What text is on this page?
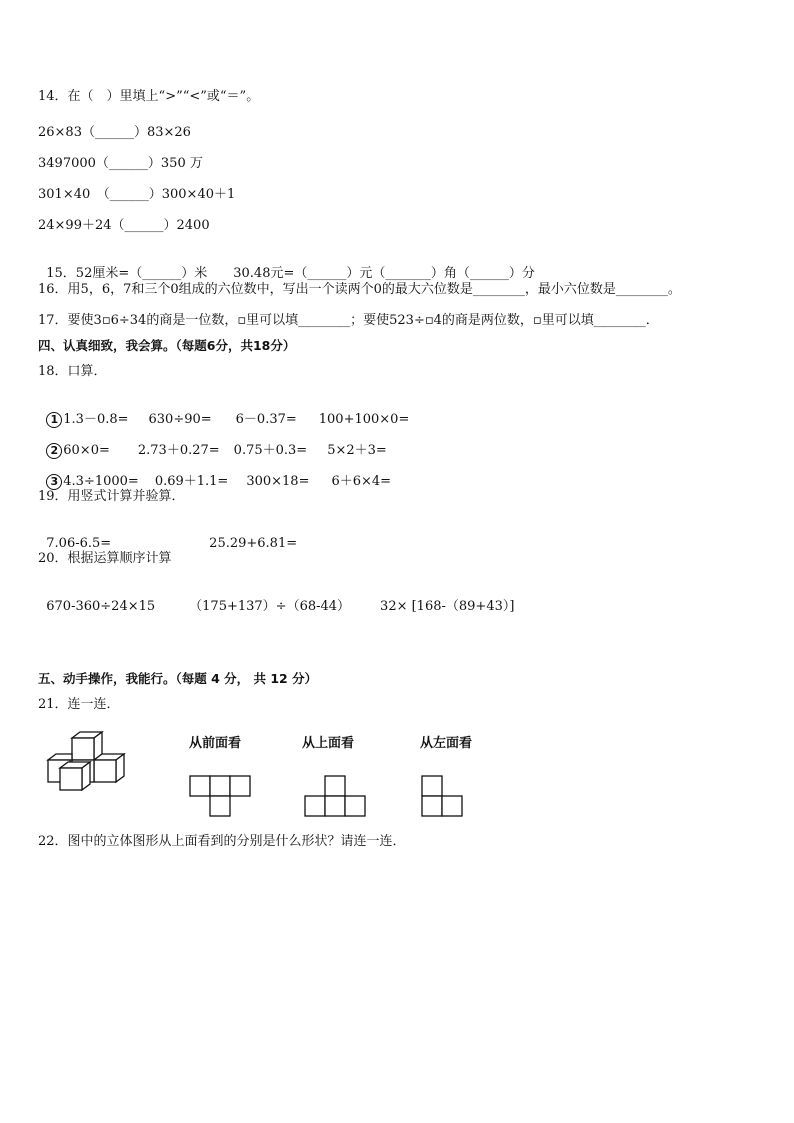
14．在（　）里填上“>”“<”或“＝”。
26×83（______）83×26
3497000（______）350 万
301×40　（______）300×40＋1
24×99＋24（______）2400

15．52厘米=（______）米 30.48元=（______）元（_______）角（______）分

16．用5，6，7和三个0组成的六位数中，写出一个读两个0的最大六位数是________，最小六位数是________。
17．要使3▫6÷34的商是一位数，▫里可以填________；要使523÷▫4的商是两位数，▫里可以填________．
四、认真细致，我会算。（每题6分，共18分）
18．口算．

1 1.3－0.8= 630÷90= 6－0.37= 100+100×0=

2 60×0= 2.73＋0.27= 0.75＋0.3= 5×2＋3=

3 4.3÷1000= 0.69＋1.1= 300×18= 6＋6×4=

19．用竖式计算并验算．

7.06-6.5=	25.29+6.81=

20．根据运算顺序计算

670-360÷24×15	（175+137）÷（68-44） 32× [168-（89+43）]

五、动手操作，我能行。（每题 4 分， 共 12 分）
21．连一连．
从前面看	从上面看	从左面看
22．图中的立体图形从上面看到的分别是什么形状？请连一连．
